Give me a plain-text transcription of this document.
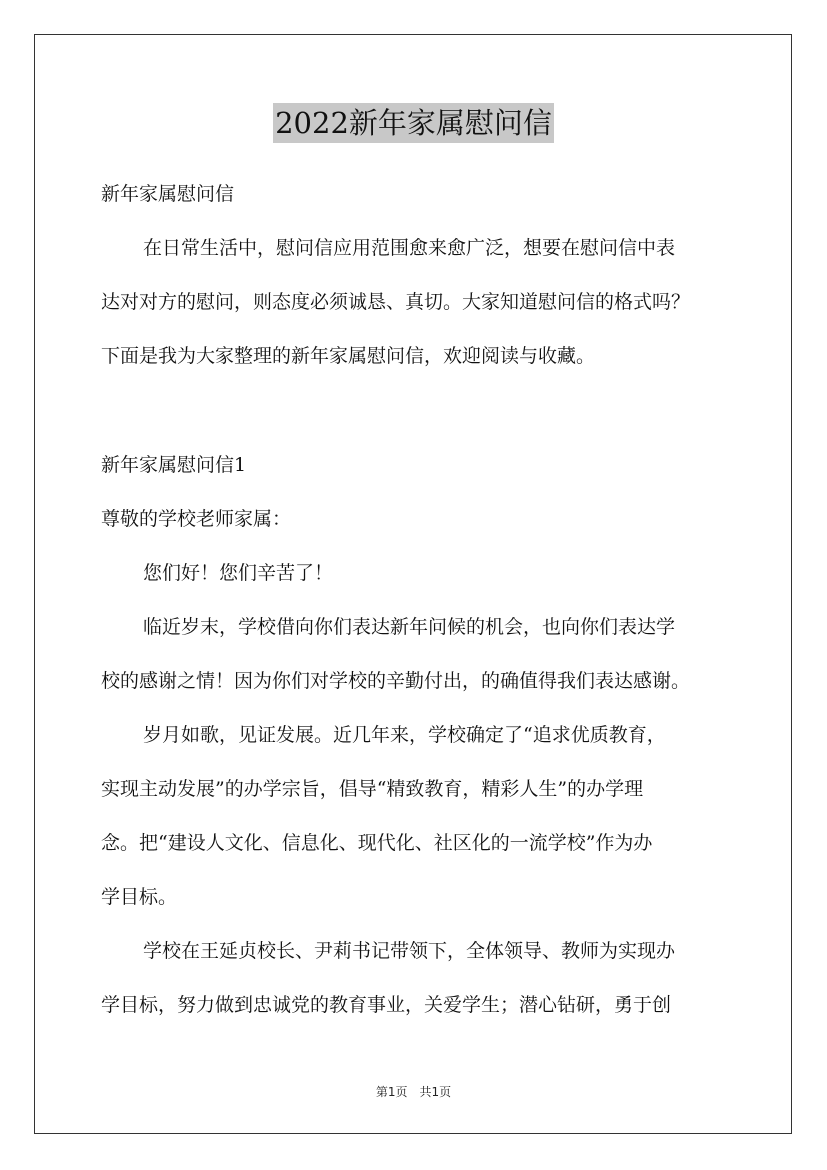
2022新年家属慰问信
新年家属慰问信
在日常生活中，慰问信应用范围愈来愈广泛，想要在慰问信中表
达对对方的慰问，则态度必须诚恳、真切。大家知道慰问信的格式吗？
下面是我为大家整理的新年家属慰问信，欢迎阅读与收藏。
新年家属慰问信1
尊敬的学校老师家属：
您们好！您们辛苦了！
临近岁末，学校借向你们表达新年问候的机会，也向你们表达学
校的感谢之情！因为你们对学校的辛勤付出，的确值得我们表达感谢。
岁月如歌，见证发展。近几年来，学校确定了“追求优质教育，
实现主动发展”的办学宗旨，倡导“精致教育，精彩人生”的办学理
念。把“建设人文化、信息化、现代化、社区化的一流学校”作为办
学目标。
学校在王延贞校长、尹莉书记带领下，全体领导、教师为实现办
学目标，努力做到忠诚党的教育事业，关爱学生；潜心钻研，勇于创
第1页　共1页
